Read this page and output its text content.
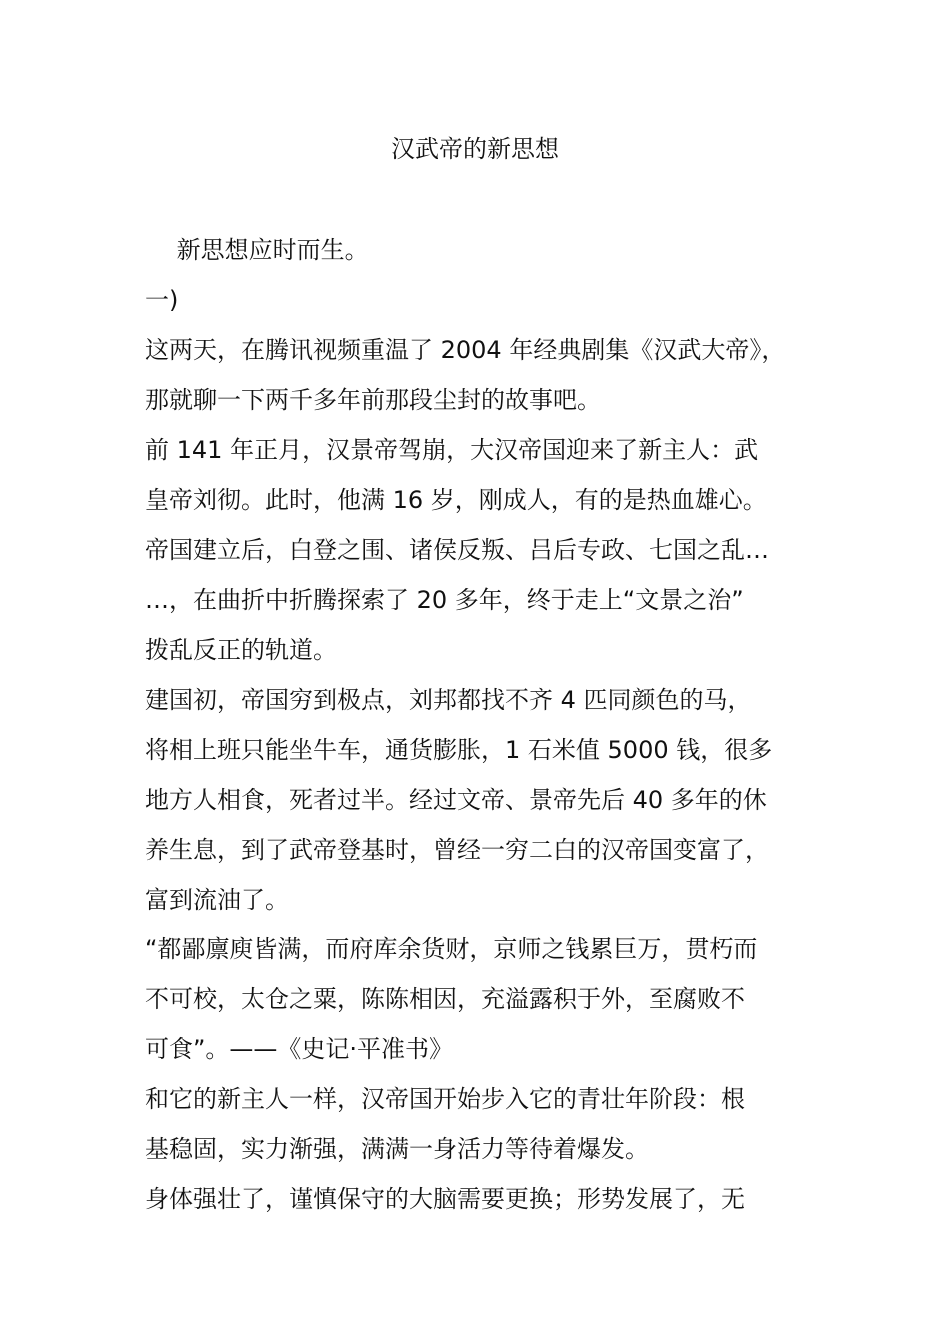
汉武帝的新思想
　 新思想应时而生。
一)
这两天，在腾讯视频重温了 2004 年经典剧集《汉武大帝》，
那就聊一下两千多年前那段尘封的故事吧。
前 141 年正月，汉景帝驾崩，大汉帝国迎来了新主人：武
皇帝刘彻。此时，他满 16 岁，刚成人，有的是热血雄心。
帝国建立后，白登之围、诸侯反叛、吕后专政、七国之乱…
…，在曲折中折腾探索了 20 多年，终于走上“文景之治”
拨乱反正的轨道。
建国初，帝国穷到极点，刘邦都找不齐 4 匹同颜色的马，
将相上班只能坐牛车，通货膨胀，1 石米值 5000 钱，很多
地方人相食，死者过半。经过文帝、景帝先后 40 多年的休
养生息，到了武帝登基时，曾经一穷二白的汉帝国变富了，
富到流油了。
“都鄙廪庾皆满，而府库余货财，京师之钱累巨万，贯朽而
不可校，太仓之粟，陈陈相因，充溢露积于外，至腐败不
可食”。——《史记·平准书》
和它的新主人一样，汉帝国开始步入它的青壮年阶段：根
基稳固，实力渐强，满满一身活力等待着爆发。
身体强壮了，谨慎保守的大脑需要更换；形势发展了，无
